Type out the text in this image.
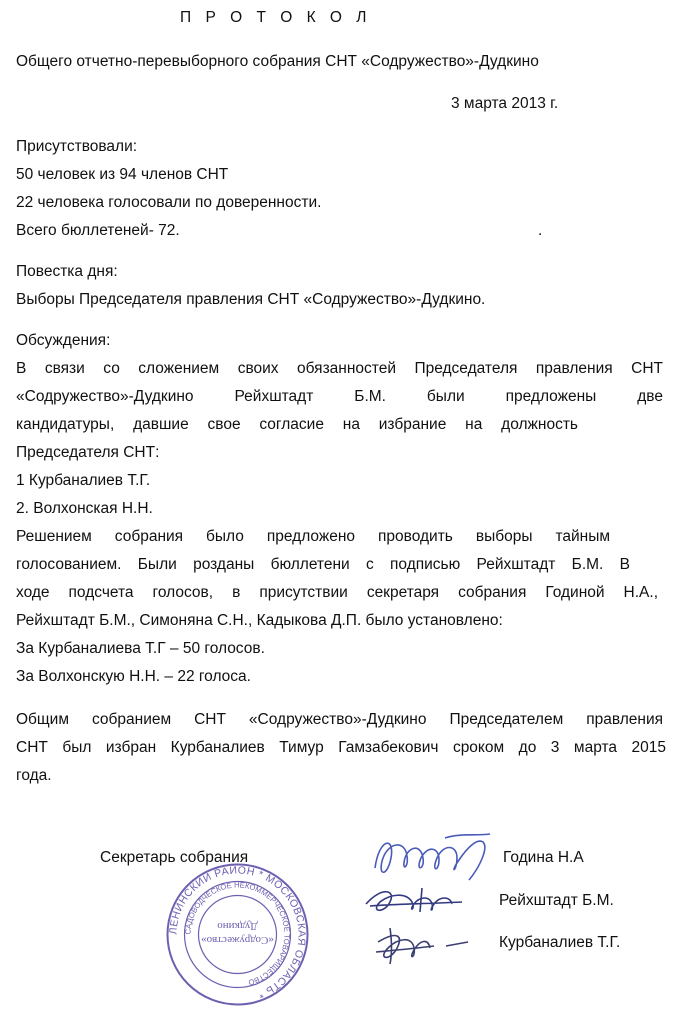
П Р О Т О К О Л
Общего отчетно-перевыборного собрания СНТ «Содружество»-Дудкино
3 марта 2013 г.
Присутствовали:
50 человек из 94 членов СНТ
22 человека голосовали по доверенности.
Всего бюллетеней- 72.	.
Повестка дня:
Выборы Председателя правления СНТ «Содружество»-Дудкино.
Обсуждения:
В связи со сложением своих обязанностей Председателя правления СНТ
«Содружество»-Дудкино Рейхштадт Б.М. были предложены две
кандидатуры, давшие свое согласие на избрание на должность
Председателя СНТ:
1 Курбаналиев Т.Г.
2. Волхонская Н.Н.
Решением собрания было предложено проводить выборы тайным
голосованием. Были розданы бюллетени с подписью Рейхштадт Б.М. В
ходе подсчета голосов, в присутствии секретаря собрания Годиной Н.А.,
Рейхштадт Б.М., Симоняна С.Н., Кадыкова Д.П. было установлено:
За Курбаналиева Т.Г – 50 голосов.
За Волхонскую Н.Н. – 22 голоса.
Общим собранием СНТ «Содружество»-Дудкино Председателем правления
СНТ был избран Курбаналиев Тимур Гамзабекович сроком до 3 марта 2015
года.
Секретарь собрания	Година Н.А
Рейхштадт Б.М.
Курбаналиев Т.Г.
ЛЕНИНСКИЙ РАЙОН * МОСКОВСКАЯ ОБЛАСТЬ *
САДОВОДЧЕСКОЕ НЕКОММЕРЧЕСКОЕ ТОВАРИЩЕСТВО
«Содружество»
Дудкино
